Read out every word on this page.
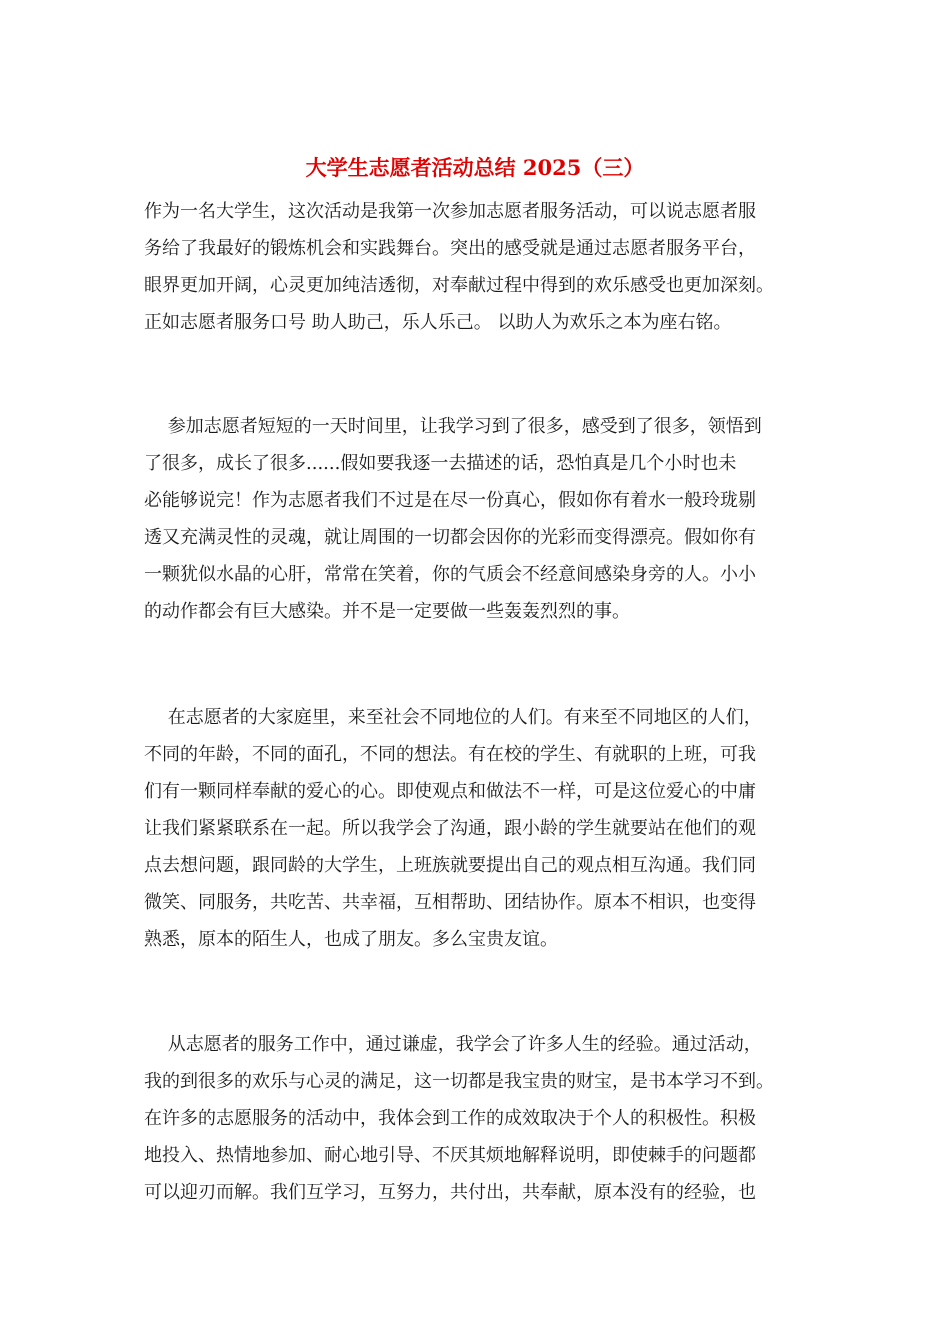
大学生志愿者活动总结 2025（三）

作为一名大学生，这次活动是我第一次参加志愿者服务活动，可以说志愿者服
务给了我最好的锻炼机会和实践舞台。突出的感受就是通过志愿者服务平台，
眼界更加开阔，心灵更加纯洁透彻，对奉献过程中得到的欢乐感受也更加深刻。
正如志愿者服务口号 助人助己，乐人乐己。 以助人为欢乐之本为座右铭。

　 参加志愿者短短的一天时间里，让我学习到了很多，感受到了很多，领悟到
了很多，成长了很多......假如要我逐一去描述的话，恐怕真是几个小时也未
必能够说完！作为志愿者我们不过是在尽一份真心，假如你有着水一般玲珑剔
透又充满灵性的灵魂，就让周围的一切都会因你的光彩而变得漂亮。假如你有
一颗犹似水晶的心肝，常常在笑着，你的气质会不经意间感染身旁的人。小小
的动作都会有巨大感染。并不是一定要做一些轰轰烈烈的事。

　 在志愿者的大家庭里，来至社会不同地位的人们。有来至不同地区的人们，
不同的年龄，不同的面孔，不同的想法。有在校的学生、有就职的上班，可我
们有一颗同样奉献的爱心的心。即使观点和做法不一样，可是这位爱心的中庸
让我们紧紧联系在一起。所以我学会了沟通，跟小龄的学生就要站在他们的观
点去想问题，跟同龄的大学生，上班族就要提出自己的观点相互沟通。我们同
微笑、同服务，共吃苦、共幸福，互相帮助、团结协作。原本不相识，也变得
熟悉，原本的陌生人，也成了朋友。多么宝贵友谊。

　 从志愿者的服务工作中，通过谦虚，我学会了许多人生的经验。通过活动，
我的到很多的欢乐与心灵的满足，这一切都是我宝贵的财宝，是书本学习不到。
在许多的志愿服务的活动中，我体会到工作的成效取决于个人的积极性。积极
地投入、热情地参加、耐心地引导、不厌其烦地解释说明，即使棘手的问题都
可以迎刃而解。我们互学习，互努力，共付出，共奉献，原本没有的经验，也
